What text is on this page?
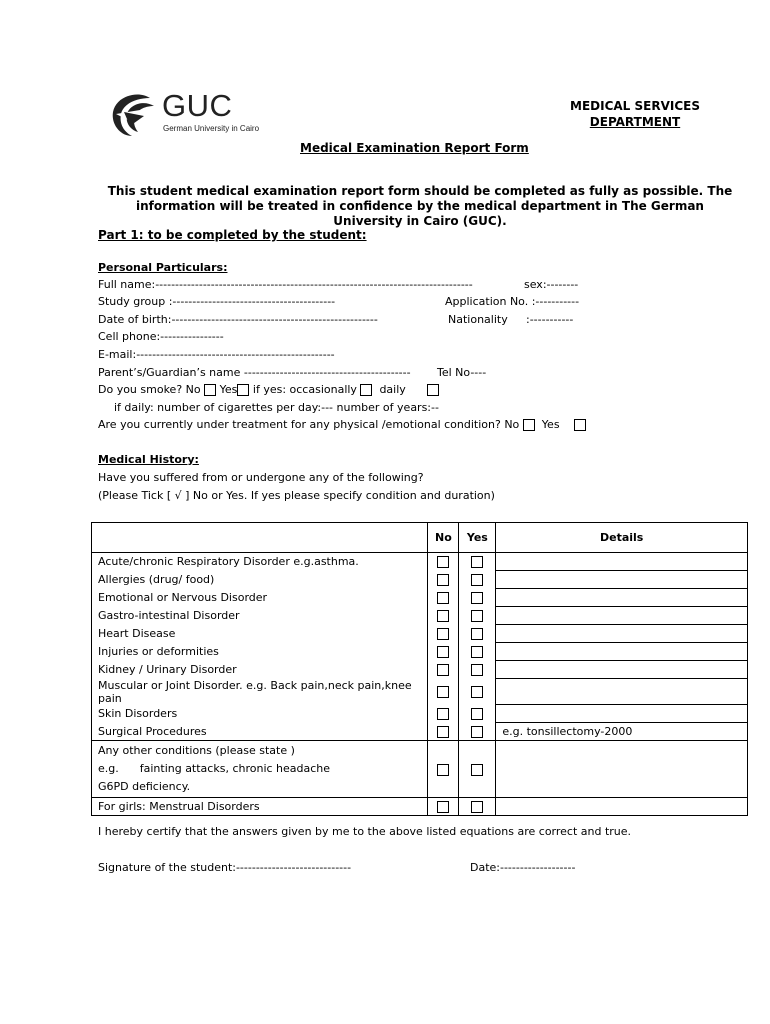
GUC
German University in Cairo
MEDICAL SERVICES
DEPARTMENT
Medical Examination Report Form
This student medical examination report form should be completed as fully as possible. The information will be treated in confidence by the medical department in The German University in Cairo (GUC).
Part 1: to be completed by the student:
Personal Particulars:
Full name:--------------------------------------------------------------------------------	sex:--------
Study group :-----------------------------------------	Application No. :-----------
Date of birth:----------------------------------------------------	Nationality :-----------
Cell phone:----------------
E-mail:--------------------------------------------------
Parent’s/Guardian’s name ------------------------------------------ Tel No----
Do you smoke? No Yes if yes: occasionally daily
if daily: number of cigarettes per day:--- number of years:--
Are you currently under treatment for any physical /emotional condition? No Yes
Medical History:
Have you suffered from or undergone any of the following?
(Please Tick [ √ ] No or Yes. If yes please specify condition and duration)
	No	Yes	Details
Acute/chronic Respiratory Disorder e.g.asthma.			
Allergies (drug/ food)			
Emotional or Nervous Disorder			
Gastro-intestinal Disorder			
Heart Disease			
Injuries or deformities			
Kidney / Urinary Disorder			
Muscular or Joint Disorder. e.g. Back pain,neck pain,knee pain			
Skin Disorders			
Surgical Procedures			e.g. tonsillectomy-2000

Any other conditions (please state )
e.g. fainting attacks, chronic headache
G6PD deficiency.			

For girls: Menstrual Disorders			
I hereby certify that the answers given by me to the above listed equations are correct and true.
Signature of the student:-----------------------------	Date:-------------------
